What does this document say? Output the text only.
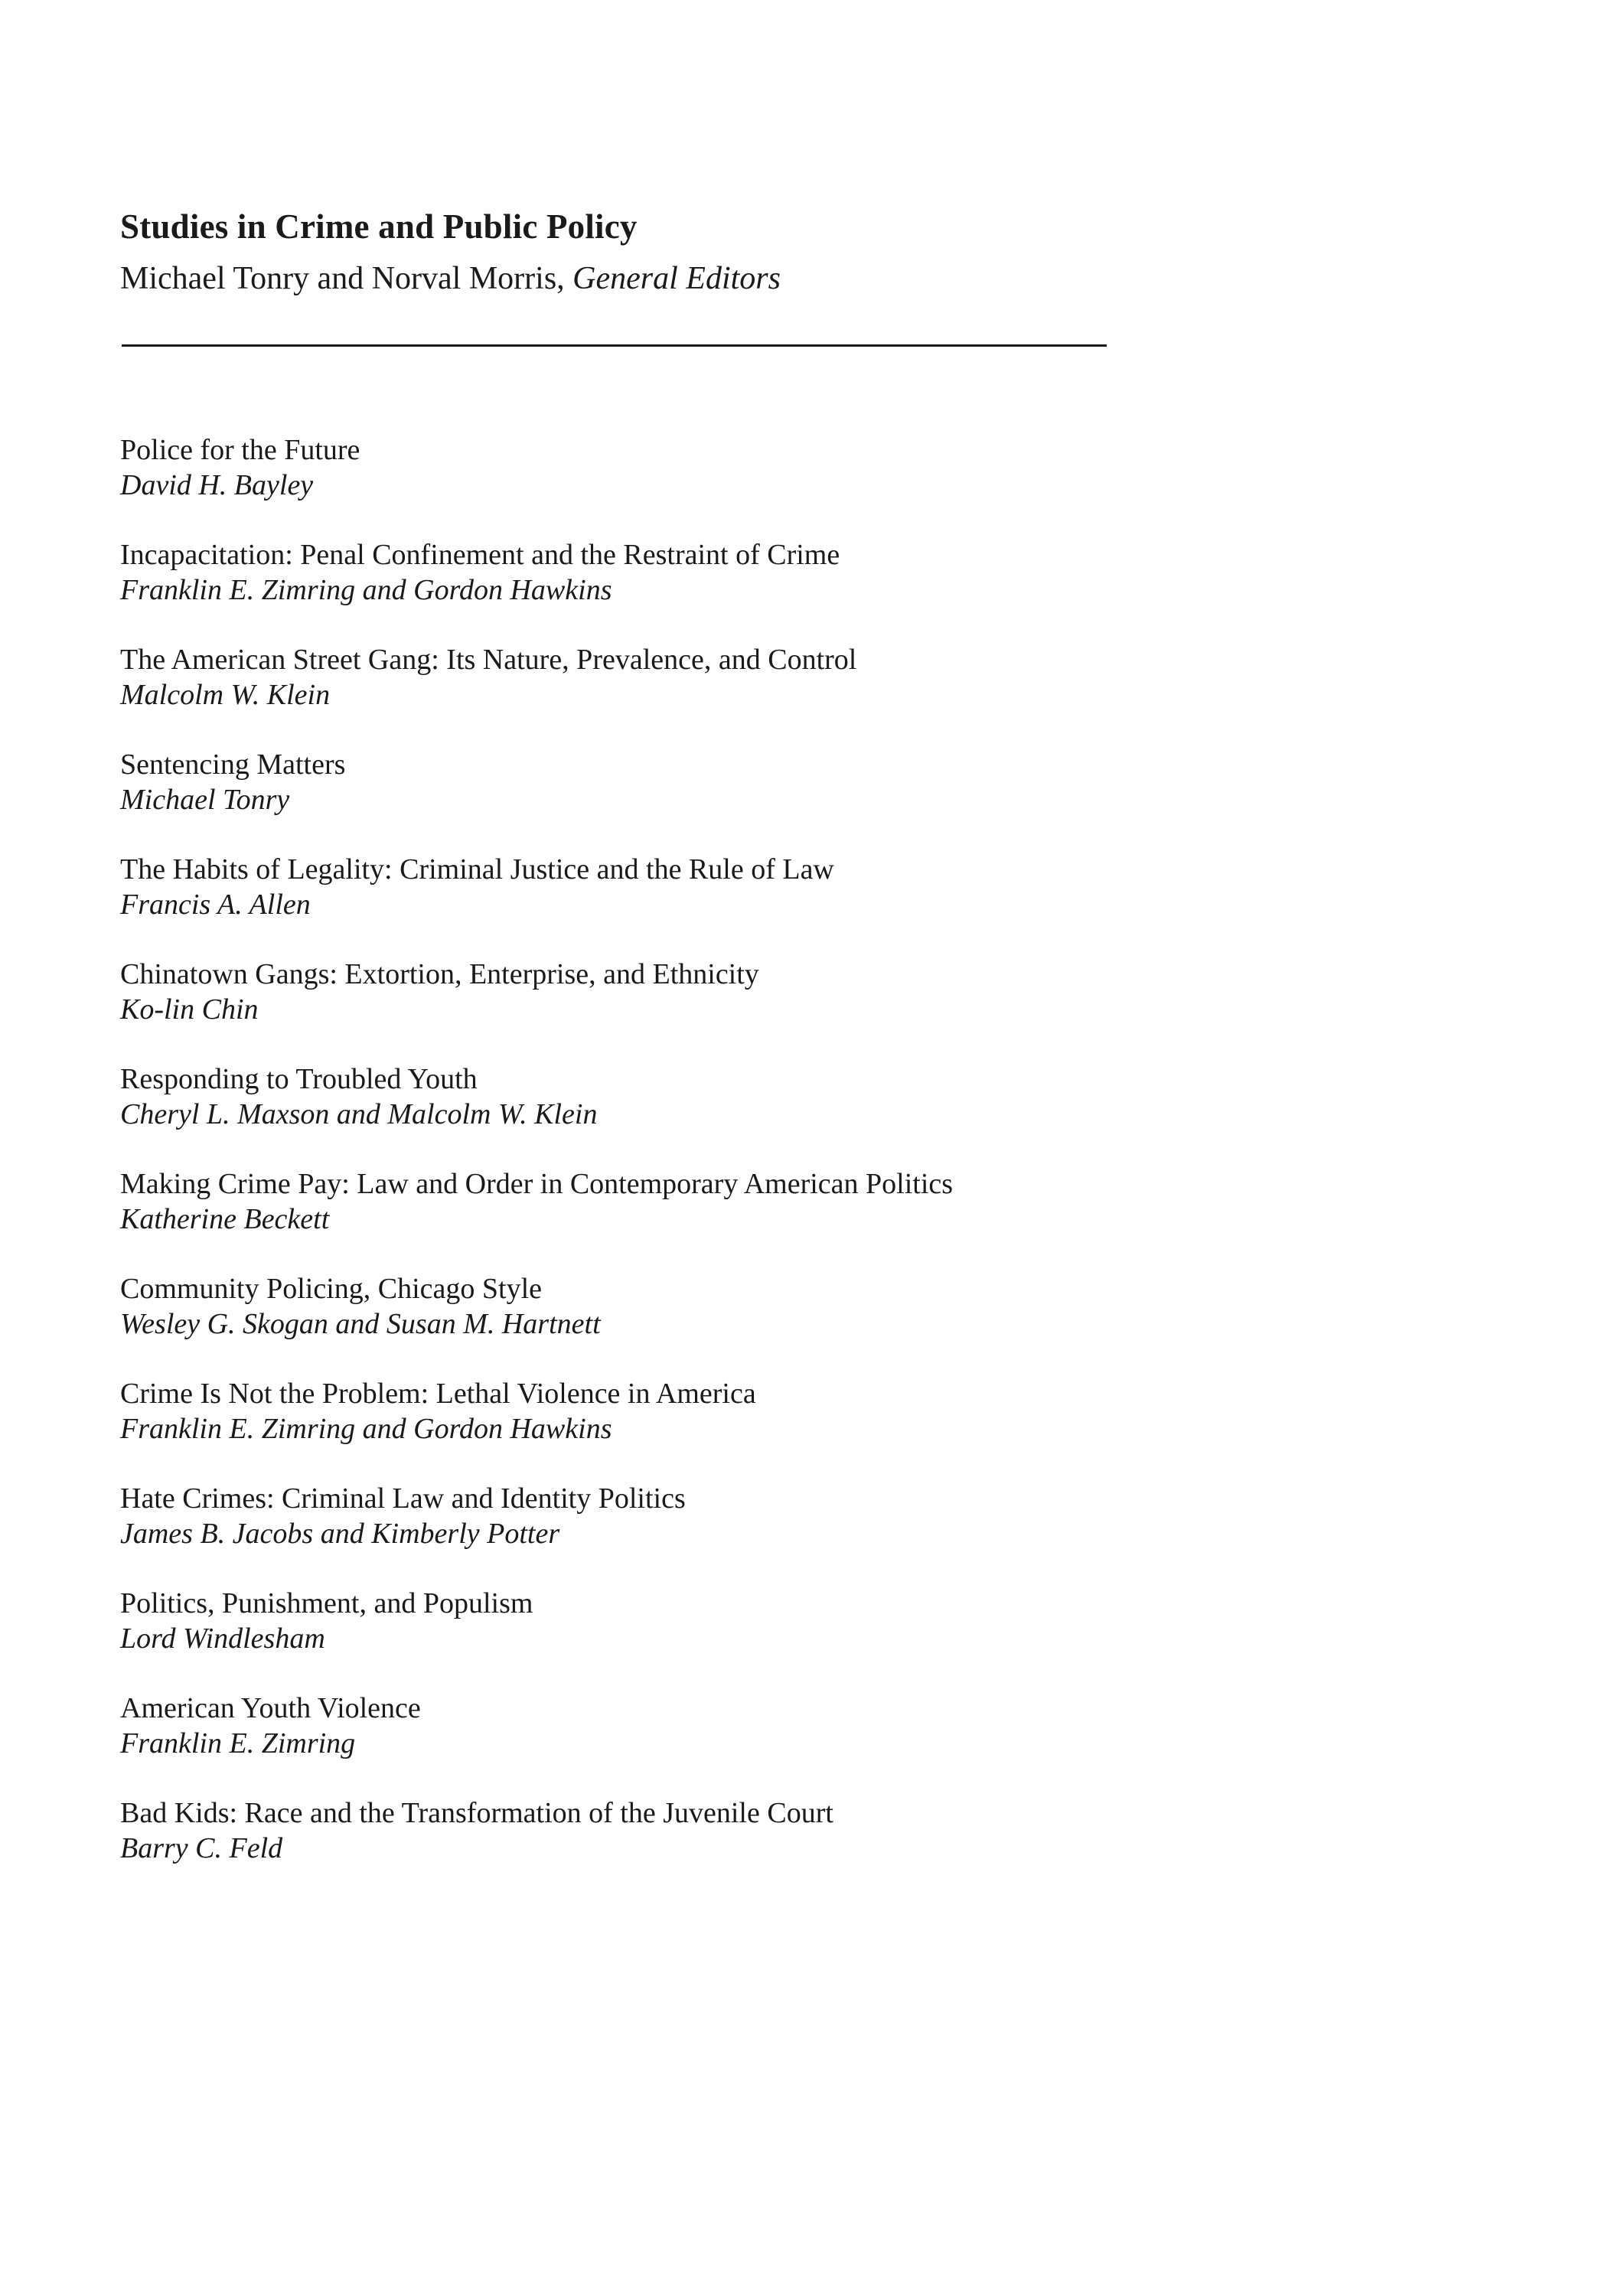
Studies in Crime and Public Policy
Michael Tonry and Norval Morris, General Editors
Police for the Future
David H. Bayley
Incapacitation: Penal Confinement and the Restraint of Crime
Franklin E. Zimring and Gordon Hawkins
The American Street Gang: Its Nature, Prevalence, and Control
Malcolm W. Klein
Sentencing Matters
Michael Tonry
The Habits of Legality: Criminal Justice and the Rule of Law
Francis A. Allen
Chinatown Gangs: Extortion, Enterprise, and Ethnicity
Ko-lin Chin
Responding to Troubled Youth
Cheryl L. Maxson and Malcolm W. Klein
Making Crime Pay: Law and Order in Contemporary American Politics
Katherine Beckett
Community Policing, Chicago Style
Wesley G. Skogan and Susan M. Hartnett
Crime Is Not the Problem: Lethal Violence in America
Franklin E. Zimring and Gordon Hawkins
Hate Crimes: Criminal Law and Identity Politics
James B. Jacobs and Kimberly Potter
Politics, Punishment, and Populism
Lord Windlesham
American Youth Violence
Franklin E. Zimring
Bad Kids: Race and the Transformation of the Juvenile Court
Barry C. Feld
